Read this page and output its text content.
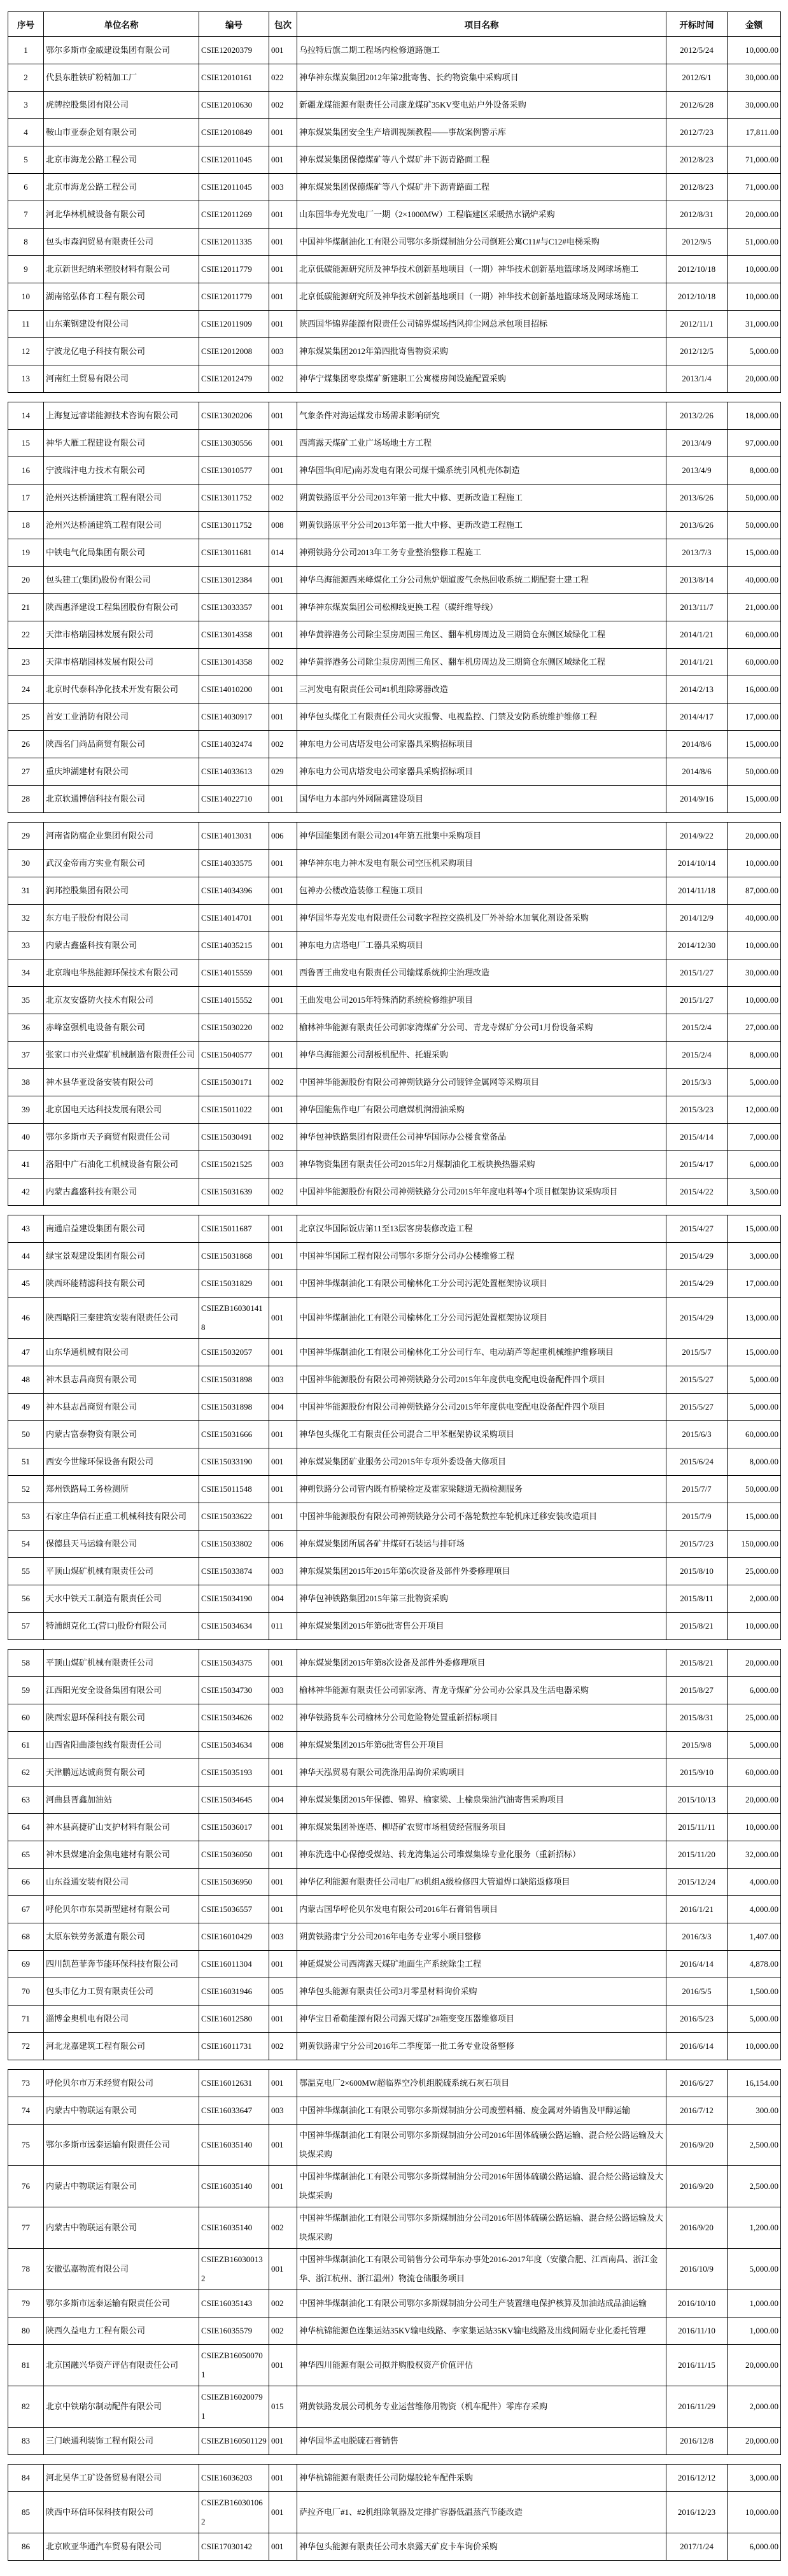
序号	单位名称	编号	包次	项目名称	开标时间	金额
1	鄂尔多斯市金威建设集团有限公司	CSIE12020379	001	乌拉特后旗二期工程场内检修道路施工	2012/5/24	10,000.00
2	代县东胜铁矿粉精加工厂	CSIE12010161	022	神华神东煤炭集团2012年第2批寄售、长约物资集中采购项目	2012/6/1	30,000.00
3	虎牌控股集团有限公司	CSIE12010630	002	新疆龙煤能源有限责任公司康龙煤矿35KV变电站户外设备采购	2012/6/28	30,000.00
4	鞍山市亚泰企划有限公司	CSIE12010849	001	神东煤炭集团安全生产培训视频教程——事故案例警示库	2012/7/23	17,811.00
5	北京市海龙公路工程公司	CSIE12011045	001	神东煤炭集团保德煤矿等八个煤矿井下沥青路面工程	2012/8/23	71,000.00
6	北京市海龙公路工程公司	CSIE12011045	003	神东煤炭集团保德煤矿等八个煤矿井下沥青路面工程	2012/8/23	71,000.00
7	河北华林机械设备有限公司	CSIE12011269	001	山东国华寿光发电厂一期（2×1000MW）工程临建区采暖热水锅炉采购	2012/8/31	20,000.00
8	包头市森润贸易有限责任公司	CSIE12011335	001	中国神华煤制油化工有限公司鄂尔多斯煤制油分公司倒班公寓C11#与C12#电梯采购	2012/9/5	51,000.00
9	北京新世纪纳米塑胶材料有限公司	CSIE12011779	001	北京低碳能源研究所及神华技术创新基地项目（一期）神华技术创新基地篮球场及网球场施工	2012/10/18	10,000.00
10	湖南铭弘体育工程有限公司	CSIE12011779	001	北京低碳能源研究所及神华技术创新基地项目（一期）神华技术创新基地篮球场及网球场施工	2012/10/18	10,000.00
11	山东莱钢建设有限公司	CSIE12011909	001	陕西国华锦界能源有限责任公司锦界煤场挡风抑尘网总承包项目招标	2012/11/1	31,000.00
12	宁波龙亿电子科技有限公司	CSIE12012008	003	神东煤炭集团2012年第四批寄售物资采购	2012/12/5	5,000.00
13	河南红土贸易有限公司	CSIE12012479	002	神华宁煤集团枣泉煤矿新建职工公寓楼房间设施配置采购	2013/1/4	20,000.00
14	上海复远睿诺能源技术咨询有限公司	CSIE13020206	001	气象条件对海运煤发市场需求影响研究	2013/2/26	18,000.00
15	神华大雁工程建设有限公司	CSIE13030556	001	西湾露天煤矿工业广场场地土方工程	2013/4/9	97,000.00
16	宁波瑞沣电力技术有限公司	CSIE13010577	001	神华国华(印尼)南苏发电有限公司煤干燥系统引风机壳体制造	2013/4/9	8,000.00
17	沧州兴达桥涵建筑工程有限公司	CSIE13011752	002	朔黄铁路原平分公司2013年第一批大中修、更新改造工程施工	2013/6/26	50,000.00
18	沧州兴达桥涵建筑工程有限公司	CSIE13011752	008	朔黄铁路原平分公司2013年第一批大中修、更新改造工程施工	2013/6/26	50,000.00
19	中铁电气化局集团有限公司	CSIE13011681	014	神朔铁路分公司2013年工务专业整治整修工程施工	2013/7/3	15,000.00
20	包头建工(集团)股份有限公司	CSIE13012384	001	神华乌海能源西来峰煤化工分公司焦炉烟道废气余热回收系统二期配套土建工程	2013/8/14	40,000.00
21	陕西惠泽建设工程集团股份有限公司	CSIE13033357	001	神华神东煤炭集团公司松柳线更换工程（碳纤维导线）	2013/11/7	21,000.00
22	天津市格瑞园林发展有限公司	CSIE13014358	001	神华黄骅港务公司除尘泵房周围三角区、翻车机房周边及三期筒仓东侧区域绿化工程	2014/1/21	60,000.00
23	天津市格瑞园林发展有限公司	CSIE13014358	002	神华黄骅港务公司除尘泵房周围三角区、翻车机房周边及三期筒仓东侧区域绿化工程	2014/1/21	60,000.00
24	北京时代泰科净化技术开发有限公司	CSIE14010200	001	三河发电有限责任公司#1机组除雾器改造	2014/2/13	16,000.00
25	首安工业消防有限公司	CSIE14030917	001	神华包头煤化工有限责任公司火灾报警、电视监控、门禁及安防系统维护维修工程	2014/4/17	17,000.00
26	陕西名门尚品商贸有限公司	CSIE14032474	002	神东电力公司店塔发电公司家器具采购招标项目	2014/8/6	15,000.00
27	重庆坤湖建材有限公司	CSIE14033613	029	神东电力公司店塔发电公司家器具采购招标项目	2014/8/6	50,000.00
28	北京软通博信科技有限公司	CSIE14022710	001	国华电力本部内外网隔离建设项目	2014/9/16	15,000.00
29	河南省防腐企业集团有限公司	CSIE14013031	006	神华国能集团有限公司2014年第五批集中采购项目	2014/9/22	20,000.00
30	武汉金帝南方实业有限公司	CSIE14033575	001	神华神东电力神木发电有限公司空压机采购项目	2014/10/14	10,000.00
31	润邦控股集团有限公司	CSIE14034396	001	包神办公楼改造装修工程施工项目	2014/11/18	87,000.00
32	东方电子股份有限公司	CSIE14014701	001	神华国华寿光发电有限责任公司数字程控交换机及厂外补给水加氧化剂设备采购	2014/12/9	40,000.00
33	内蒙古鑫盛科技有限公司	CSIE14035215	001	神东电力店塔电厂工器具采购项目	2014/12/30	10,000.00
34	北京瑞电华热能源环保技术有限公司	CSIE14015559	001	西鲁晋王曲发电有限责任公司输煤系统抑尘治理改造	2015/1/27	30,000.00
35	北京友安盛防火技术有限公司	CSIE14015552	001	王曲发电公司2015年特殊消防系统检修维护项目	2015/1/27	10,000.00
36	赤峰富强机电设备有限公司	CSIE15030220	002	榆林神华能源有限责任公司郭家湾煤矿分公司、青龙寺煤矿分公司1月份设备采购	2015/2/4	27,000.00
37	张家口市兴业煤矿机械制造有限责任公司	CSIE15040577	001	神华乌海能源公司刮板机配件、托辊采购	2015/2/4	8,000.00
38	神木县华亚设备安装有限公司	CSIE15030171	002	中国神华能源股份有限公司神朔铁路分公司镀锌金属网等采购项目	2015/3/3	5,000.00
39	北京国电天达科技发展有限公司	CSIE15011022	001	神华国能焦作电厂有限公司磨煤机润滑油采购	2015/3/23	12,000.00
40	鄂尔多斯市天予商贸有限责任公司	CSIE15030491	002	神华包神铁路集团有限责任公司神华国际办公楼食堂备品	2015/4/14	7,000.00
41	洛阳中广石油化工机械设备有限公司	CSIE15021525	003	神华物资集团有限责任公司2015年2月煤制油化工板块换热器采购	2015/4/17	6,000.00
42	内蒙古鑫盛科技有限公司	CSIE15031639	002	中国神华能源股份有限公司神朔铁路分公司2015年年度电料等4个项目框架协议采购项目	2015/4/22	3,500.00
43	南通启益建设集团有限公司	CSIE15011687	001	北京汉华国际饭店第11至13层客房装修改造工程	2015/4/27	15,000.00
44	绿宝景观建设集团有限公司	CSIE15031868	001	中国神华国际工程有限公司鄂尔多斯分公司办公楼维修工程	2015/4/29	3,000.00
45	陕西环能精滤科技有限公司	CSIE15031829	001	中国神华煤制油化工有限公司榆林化工分公司污泥处置框架协议项目	2015/4/29	17,000.00
46	陕西略阳三秦建筑安装有限责任公司	CSIEZB160301418	001	中国神华煤制油化工有限公司榆林化工分公司污泥处置框架协议项目	2015/4/29	13,000.00
47	山东华通机械有限公司	CSIE15032057	001	中国神华煤制油化工有限公司榆林化工分公司行车、电动葫芦等起重机械维护维修项目	2015/5/7	15,000.00
48	神木县志昌商贸有限公司	CSIE15031898	003	中国神华能源股份有限公司神朔铁路分公司2015年年度供电变配电设备配件四个项目	2015/5/27	5,000.00
49	神木县志昌商贸有限公司	CSIE15031898	004	中国神华能源股份有限公司神朔铁路分公司2015年年度供电变配电设备配件四个项目	2015/5/27	5,000.00
50	内蒙古富泰物资有限公司	CSIE15031666	001	神华包头煤化工有限责任公司混合二甲苯框架协议采购项目	2015/6/3	60,000.00
51	西安今世缘环保设备有限公司	CSIE15033190	001	神东煤炭集团矿业服务公司2015年专项外委设备大修项目	2015/6/24	8,000.00
52	郑州铁路局工务检测所	CSIE15011548	001	神朔铁路分公司管内既有桥梁检定及霍家梁隧道无损检测服务	2015/7/7	50,000.00
53	石家庄华信石正重工机械科技有限公司	CSIE15033622	001	中国神华能源股份有限公司神朔铁路分公司不落轮数控车轮机床迁移安装改造项目	2015/7/9	15,000.00
54	保德县天马运输有限公司	CSIE15033802	006	神东煤炭集团所属各矿井煤矸石装运与排矸场	2015/7/23	150,000.00
55	平顶山煤矿机械有限责任公司	CSIE15033874	003	神东煤炭集团2015年2015年第6次设备及部件外委修理项目	2015/8/10	25,000.00
56	天水中铁天工制造有限责任公司	CSIE15034190	004	神华包神铁路集团2015年第三批物资采购	2015/8/11	2,000.00
57	特浦朗克化工(营口)股份有限公司	CSIE15034634	011	神东煤炭集团2015年第6批寄售公开项目	2015/8/21	10,000.00
58	平顶山煤矿机械有限责任公司	CSIE15034375	001	神东煤炭集团2015年第8次设备及部件外委修理项目	2015/8/21	20,000.00
59	江西阳光安全设备集团有限公司	CSIE15034730	003	榆林神华能源有限责任公司郭家湾、青龙寺煤矿分公司办公家具及生活电器采购	2015/8/27	6,000.00
60	陕西宏恩环保科技有限公司	CSIE15034626	002	神华铁路货车公司榆林分公司危险物处置重新招标项目	2015/8/31	25,000.00
61	山西省阳曲漆包线有限责任公司	CSIE15034634	008	神东煤炭集团2015年第6批寄售公开项目	2015/9/8	5,000.00
62	天津鹏远达诚商贸有限公司	CSIE15035193	001	神华天泓贸易有限公司洗涤用品询价采购项目	2015/9/10	60,000.00
63	河曲县晋鑫加油站	CSIE15034645	004	神东煤炭集团2015年保德、锦界、榆家梁、上榆泉柴油汽油寄售采购项目	2015/10/13	20,000.00
64	神木县高捷矿山支护材料有限公司	CSIE15036017	001	神东煤炭集团补连塔、柳塔矿农贸市场租赁经营服务项目	2015/11/11	10,000.00
65	神木县煤建冶金焦电建材有限公司	CSIE15036050	001	神东洗选中心保德受煤站、转龙湾集运公司堆煤集垛专业化服务（重新招标）	2015/11/20	32,000.00
66	山东益通安装有限公司	CSIE15036950	001	神华亿利能源有限责任公司电厂#3机组A级检修四大管道焊口缺陷返修项目	2015/12/24	4,000.00
67	呼伦贝尔市东昊新型建材有限公司	CSIE15036557	001	内蒙古国华呼伦贝尔发电有限公司2016年石膏销售项目	2016/1/21	4,000.00
68	太原东铁劳务派遣有限公司	CSIE16010429	003	朔黄铁路肃宁分公司2016年电务专业零小项目整修	2016/3/3	1,407.00
69	四川凯芭菲奔节能环保科技有限公司	CSIE16011304	001	神延煤炭公司西湾露天煤矿地面生产系统除尘工程	2016/4/14	4,878.00
70	包头市亿力工贸有限责任公司	CSIE16031946	005	神华包头能源有限责任公司3月零星材料询价采购	2016/5/5	1,500.00
71	淄博金奥机电有限公司	CSIE16012580	001	神华宝日希勒能源有限公司露天煤矿2#箱变变压器维修项目	2016/5/23	5,000.00
72	河北龙嘉建筑工程有限公司	CSIE16011731	002	朔黄铁路肃宁分公司2016年二季度第一批工务专业设备整修	2016/6/14	10,000.00
73	呼伦贝尔市万禾经贸有限公司	CSIE16012631	001	鄂温克电厂2×600MW超临界空冷机组脱硫系统石灰石项目	2016/6/27	16,154.00
74	内蒙古中物联运有限公司	CSIE16033647	003	中国神华煤制油化工有限公司鄂尔多斯煤制油分公司废塑料桶、废金属对外销售及甲醇运输	2016/7/12	300.00
75	鄂尔多斯市远泰运输有限责任公司	CSIE16035140	001	中国神华煤制油化工有限公司鄂尔多斯煤制油分公司2016年固体硫磺公路运输、混合烃公路运输及大块煤采购	2016/9/20	2,500.00
76	内蒙古中物联运有限公司	CSIE16035140	001	中国神华煤制油化工有限公司鄂尔多斯煤制油分公司2016年固体硫磺公路运输、混合烃公路运输及大块煤采购	2016/9/20	2,500.00
77	内蒙古中物联运有限公司	CSIE16035140	002	中国神华煤制油化工有限公司鄂尔多斯煤制油分公司2016年固体硫磺公路运输、混合烃公路运输及大块煤采购	2016/9/20	1,200.00
78	安徽弘嘉物流有限公司	CSIEZB160300132	001	中国神华煤制油化工有限公司销售分公司华东办事处2016-2017年度（安徽合肥、江西南昌、浙江金华、浙江杭州、浙江温州）物流仓储服务项目	2016/10/9	5,000.00
79	鄂尔多斯市远泰运输有限责任公司	CSIE16035143	002	中国神华煤制油化工有限公司鄂尔多斯煤制油分公司生产装置继电保护核算及加油站成品油运输	2016/10/10	1,000.00
80	陕西久益电力工程有限公司	CSIE16035579	002	神华杭锦能源色连集运站35KV输电线路、李家集运站35KV输电线路及出线间隔专业化委托管理	2016/11/10	1,000.00
81	北京国融兴华资产评估有限责任公司	CSIEZB160500701	001	神华四川能源有限公司拟并购股权资产价值评估	2016/11/15	20,000.00
82	北京中铁瑞尔制动配件有限公司	CSIEZB160200791	015	朔黄铁路发展公司机务专业运营维修用物资（机车配件）零库存采购	2016/11/29	2,000.00
83	三门峡通利装饰工程有限公司	CSIEZB160501129	001	神华国华孟电脱硫石膏销售	2016/12/8	20,000.00
84	河北昊华工矿设备贸易有限公司	CSIE16036203	001	神华杭锦能源有限责任公司防爆胶轮车配件采购	2016/12/12	3,000.00
85	陕西中环信环保科技有限公司	CSIEZB160301062	001	萨拉齐电厂#1、#2机组除氧器及定排扩容器低温蒸汽节能改造	2016/12/23	10,000.00
86	北京欧亚华通汽车贸易有限公司	CSIE17030142	001	神华包头能源有限责任公司水泉露天矿皮卡车询价采购	2017/1/24	6,000.00
